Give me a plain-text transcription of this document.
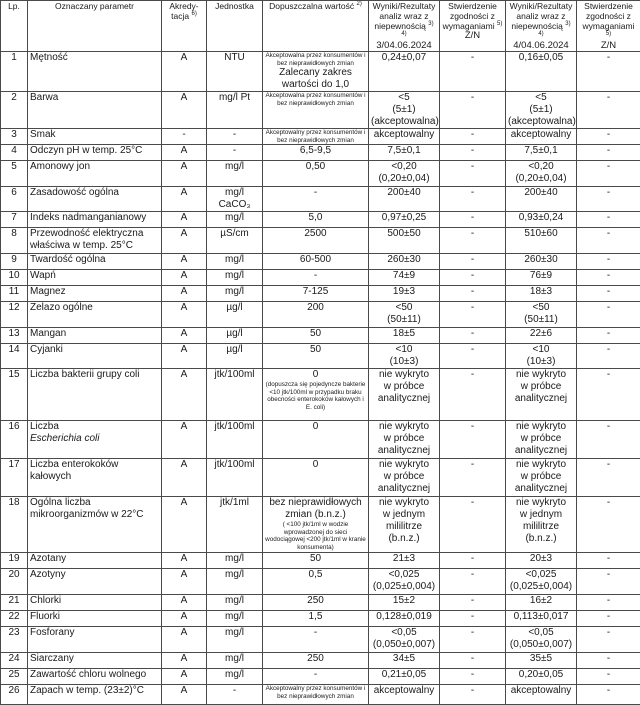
Lp.	Oznaczany parametr	Akredy-
tacja $^{6)}$	Jednostka	Dopuszczalna wartość $^{2)}$	Wyniki/Rezultaty
analiz wraz z
niepewnością $^{3) 4)}$
3/04.06.2024	Stwierdzenie
zgodności z
wymaganiami $^{5)}$
Z/N	Wyniki/Rezultaty
analiz wraz z
niepewnością $^{3) 4)}$
4/04.06.2024	Stwierdzenie
zgodności z
wymaganiami $^{5)}$
Z/N

1	Mętność	A	NTU	Akceptowalna przez konsumentów i bez nieprawidłowych zmian
Zalecany zakres wartości do 1,0	0,24±0,07	-	0,16±0,05	-
2	Barwa	A	mg/l Pt	Akceptowalna przez konsumentów i bez nieprawidłowych zmian	<5
(5±1)
(akceptowalna)	-	<5
(5±1)
(akceptowalna)	-
3	Smak	-	-	Akceptowalny przez konsumentów i bez nieprawidłowych zmian	akceptowalny	-	akceptowalny	-
4	Odczyn pH w temp. 25°C	A	-	6,5-9,5	7,5±0,1	-	7,5±0,1	-
5	Amonowy jon	A	mg/l	0,50	<0,20
(0,20±0,04)	-	<0,20
(0,20±0,04)	-
6	Zasadowość ogólna	A	mg/l CaCO₃	-	200±40	-	200±40	-
7	Indeks nadmanganianowy	A	mg/l	5,0	0,97±0,25	-	0,93±0,24	-
8	Przewodność elektryczna
właściwa w temp. 25°C	A	µS/cm	2500	500±50	-	510±60	-
9	Twardość ogólna	A	mg/l	60-500	260±30	-	260±30	-
10	Wapń	A	mg/l	-	74±9	-	76±9	-
11	Magnez	A	mg/l	7-125	19±3	-	18±3	-
12	Żelazo ogólne	A	µg/l	200	<50
(50±11)	-	<50
(50±11)	-
13	Mangan	A	µg/l	50	18±5	-	22±6	-
14	Cyjanki	A	µg/l	50	<10
(10±3)	-	<10
(10±3)	-
15	Liczba bakterii grupy coli	A	jtk/100ml	0
(dopuszcza się pojedyncze bakterie <10 jtk/100ml w przypadku braku obecności enterokoków kałowych i E. coli)	nie wykryto
w próbce
analitycznej	-	nie wykryto
w próbce
analitycznej	-
16	Liczba
Escherichia coli	A	jtk/100ml	0	nie wykryto
w próbce
analitycznej	-	nie wykryto
w próbce
analitycznej	-
17	Liczba enterokoków
kałowych	A	jtk/100ml	0	nie wykryto
w próbce
analitycznej	-	nie wykryto
w próbce
analitycznej	-
18	Ogólna liczba
mikroorganizmów w 22°C	A	jtk/1ml	bez nieprawidłowych
zmian (b.n.z.)
( <100 jtk/1ml w wodzie wprowadzonej do sieci wodociągowej <200 jtk/1ml w kranie konsumenta)	nie wykryto
w jednym
mililitrze
(b.n.z.)	-	nie wykryto
w jednym
mililitrze
(b.n.z.)	-
19	Azotany	A	mg/l	50	21±3	-	20±3	-
20	Azotyny	A	mg/l	0,5	<0,025
(0,025±0,004)	-	<0,025
(0,025±0,004)	-
21	Chlorki	A	mg/l	250	15±2	-	16±2	-
22	Fluorki	A	mg/l	1,5	0,128±0,019	-	0,113±0,017	-
23	Fosforany	A	mg/l	-	<0,05
(0,050±0,007)	-	<0,05
(0,050±0,007)	-
24	Siarczany	A	mg/l	250	34±5	-	35±5	-
25	Zawartość chloru wolnego	A	mg/l	-	0,21±0,05	-	0,20±0,05	-
26	Zapach w temp. (23±2)°C	A	-	Akceptowalny przez konsumentów i bez nieprawidłowych zmian	akceptowalny	-	akceptowalny	-
